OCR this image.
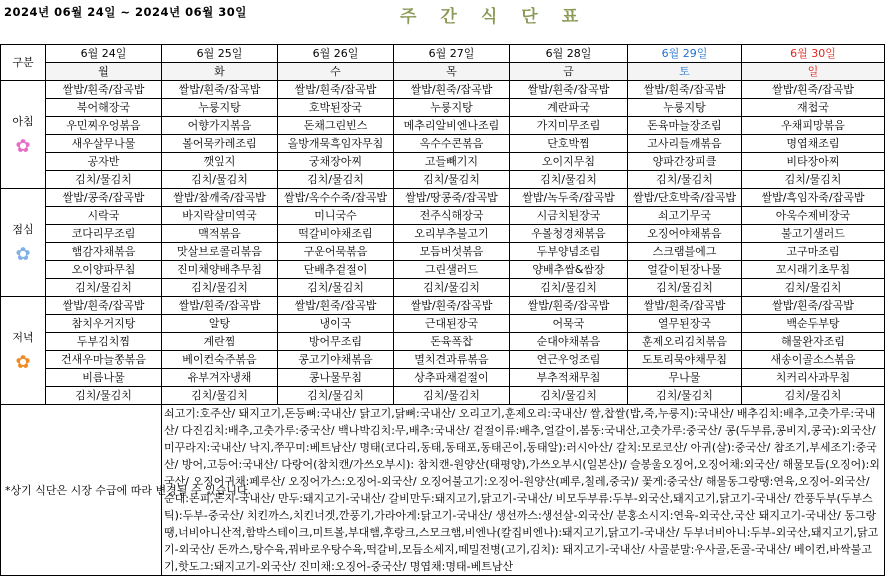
2024년 06월 24일 ~ 2024년 06월 30일	주간식단표
구분	6월 24일	6월 25일	6월 26일	6월 27일	6월 28일	6월 29일	6월 30일
	월	화	수	목	금	토	일
아침
✿	쌀밥/흰죽/잡곡밥	쌀밥/흰죽/잡곡밥	쌀밥/흰죽/잡곡밥	쌀밥/흰죽/잡곡밥	쌀밥/흰죽/잡곡밥	쌀밥/흰죽/잡곡밥	쌀밥/흰죽/잡곡밥
	북어해장국	누룽지탕	호박된장국	누룽지탕	계란파국	누룽지탕	재첩국
	우민찌우엉볶음	어향가지볶음	돈채그린빈스	메추리알비엔나조림	가지미무조림	돈육마늘장조림	우채피망볶음
	새우살무나물	볼어묵카레조림	올방개묵흑임자무침	옥수수콘볶음	단호박찜	고사리들깨볶음	명엽채조림
	공자반	깻잎지	궁채장아찌	고들빼기지	오이지무침	양파간장피클	비타장아찌
	김치/물김치	김치/물김치	김치/물김치	김치/물김치	김치/물김치	김치/물김치	김치/물김치
점심
✿	쌀밥/콩죽/잡곡밥	쌀밥/참깨죽/잡곡밥	쌀밥/옥수수죽/잡곡밥	쌀밥/땅콩죽/잡곡밥	쌀밥/녹두죽/잡곡밥	쌀밥/단호박죽/잡곡밥	쌀밥/흑임자죽/잡곡밥
	시락국	바지락살미역국	미니국수	전주식해장국	시금치된장국	쇠고기무국	아욱수제비장국
	코다리무조림	맥적볶음	떡갈비야채조림	오리부추불고기	우볼청경채볶음	오징어야채볶음	불고기샐러드
	햄감자채볶음	맛살브로콜리볶음	구운어묵볶음	모듬버섯볶음	두부양념조림	스크램블에그	고구마조림
	오이양파무침	진미채양배추무침	단배추겉절이	그린샐러드	양배추쌈&쌈장	얼갈이된장나물	꼬시래기초무침
	김치/물김치	김치/물김치	김치/물김치	김치/물김치	김치/물김치	김치/물김치	김치/물김치
저녁
✿	쌀밥/흰죽/잡곡밥	쌀밥/흰죽/잡곡밥	쌀밥/흰죽/잡곡밥	쌀밥/흰죽/잡곡밥	쌀밥/흰죽/잡곡밥	쌀밥/흰죽/잡곡밥	쌀밥/흰죽/잡곡밥
	참치우거지탕	알탕	냉이국	근대된장국	어묵국	열무된장국	백순두부탕
	두부김치찜	계란찜	방어무조림	돈육폭찹	순대야채볶음	훈제오리김치볶음	해물완자조림
	건새우마늘쫑볶음	베이컨숙주볶음	콩고기야채볶음	멸치견과류볶음	연근우엉조림	도토리묵야채무침	새송이골소스볶음
	비름나물	유부겨자냉채	콩나물무침	상추파채겉절이	부추적채무침	무나물	치커리사과무침
	김치/물김치	김치/물김치	김치/물김치	김치/물김치	김치/물김치	김치/물김치	김치/물김치
*상기 식단은 시장 수급에 따라 변경될 수 있습니다.		쇠고기:호주산/ 돼지고기,돈등뼈:국내산/ 닭고기,닭뼈:국내산/ 오리고기,훈제오리:국내산/ 쌀,찹쌀(밥,죽,누룽지):국내산/ 배추김치:배추,고춧가루:국내산/ 다진김치:배추,고춧가루:중국산/ 백나박김치:무,배추:국내산/ 겉절이류:배추,얼갈이,봄동:국내산,고춧가루:중국산/ 콩(두부류,콩비지,콩국):외국산/ 미꾸라지:국내산/ 낙지,쭈꾸미:베트남산/ 명태(코다리,동태,동태포,동태곤이,동태알):러시아산/ 갈치:모로코산/ 아귀(살):중국산/ 참조기,부세조기:중국산/ 방어,고등어:국내산/ 다랑어(참치캔/가쓰오부시): 참치캔-원양산(태평양),가쓰오부시(일본산)/ 슬봉울오징어,오징어채:외국산/ 해물모듬(오징어):외국산/ 오징어귀채:페루산/ 오징어가스:오징어-외국산/ 오징어불고기:오징어-원양산(페루,칠레,중국)/ 꽃게:중국산/ 해물동그랑땡:연육,오징어-외국산/ 순대:돈피,돈지-국내산/ 만두:돼지고기-국내산/ 갈비만두:돼지고기,닭고기-국내산/ 비모두부류:두부-외국산,돼지고기,닭고기-국내산/ 깐풍두부(두부스틱):두부-중국산/ 치킨까스,치킨너겟,깐풍기,가라아게:닭고기-국내산/ 생선까스:생선살-외국산/ 분홍소시지:연육-외국산,국산 돼지고기-국내산/ 동그랑땡,너비아니산적,함박스테이크,미트볼,부대햄,후랑크,스모크햄,비엔나(칼집비엔나):돼지고기,닭고기-국내산/ 두부너비아니:두부-외국산,돼지고기,닭고기-외국산/ 돈까스,탕수육,꿔바로우탕수육,떡갈비,모듬소세지,떼밀전병(고기,김치): 돼지고기-국내산/ 사골분말:우사골,돈골-국내산/ 베이컨,바싹불고기,핫도그:돼지고기-외국산/ 진미채:오징어-중국산/ 명엽채:명태-베트남산					
